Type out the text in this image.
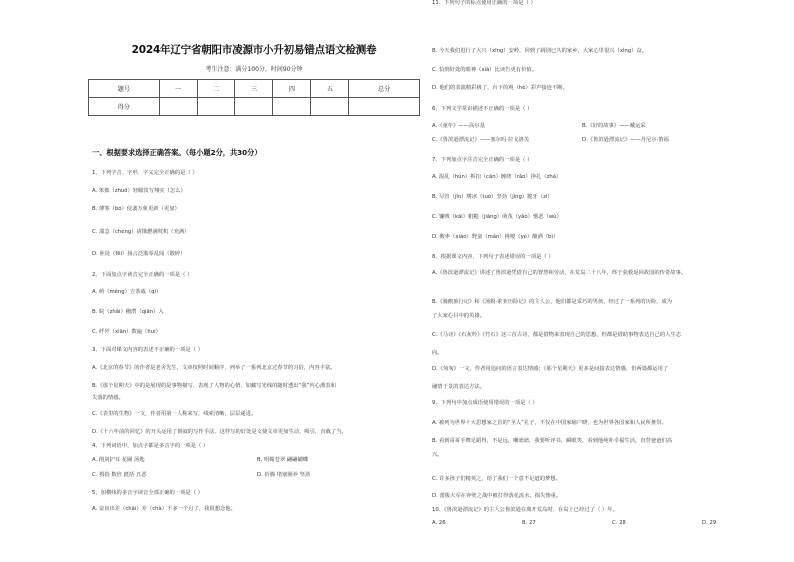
2024年辽宁省朝阳市凌源市小升初易错点语文检测卷
考生注意：满分100分，时间90分钟
题号	一	二	三	四	五	总分
得分						
一、根据要求选择正确答案。（每小题2分，共30分）
1、下列字音、字形、字义完全正确的是（ ）
A. 笨拙（zhuō）轻瞄淡写翔实（怎么）
B. 薄雾（bó）侵袭万象更新（更加）
C. 湍急（chéng）请饿燃满枕机（充满）
D. 匪徒（fěi）扬言泛滥零乱闻（散碎）
2、下面加点字读音完全正确的一项是（ ）
A. 萌（méng）吉茶戚（qì）
B. 皖（zhǎi）栅潜（qiān）入
C. 纤歼（xiān）数遍（hui）
3、下面对课文内容的表述不正确的一项是（ ）
A.《北京的春节》的作者是老舍先生，文章按照时间顺序，列举了一系列北京过春节的习俗，内容丰富。
B.《那个星期天》中的是展现的是事物描写，表现了人物的心情，如藏写光线的随时透出“我”内心淵表和
失落的情感。
C.《表里的生物》一文，作者用第一人称来写，线索清晰，层层递进。
D.《十六年前的回忆》的开头运用了倒叙的写作手法，这样写的好处是文使文章更加生动、吸引，直截了当。
4、下列词语中，加点字都是多音字的一项是（ ）
A. 削剑护耳 花圃 汤匙	B. 明媚苍翠 翩翩蝴蝶
C. 拇指 数倍 挺括 丑恶	D. 折腾 堵塞圈养 坚劲
5、加横线的多音字读音全部正确的一项是（ ）
A. 奋齿出差（chāi）差（chà）不多一个月了，我很想念他。
B. 今天我们进行了大兴（xīng）安岭，回到了阔别已久的家乡，大家心里很兴（xìng）奋。
C. 恰到好处的眼神（xià）比读告更有价值。
D. 他们的表演精彩极了，台下的观（hè）彩声接连不断。
6、下列文学常识描述不正确的一项是（ ）
A.《童年》——高尔基	B.《好的故事》——戴运采
C.《鲁滨逊漂流记》——塞尔吗·拉戈洛芙	D.《鲁滨逊漂流记》——丹尼尔·笛福
7、下列加点字注音完全正确的一项是（ ）
A. 混乱（hún）拆扣（cān）缠绕（rǎo）挣扎（zhá）
B. 尽管（jǐn）嗜冰（tuō）坚劲（jìng）脆牙（zì）
C. 镰贱（kāi）粗糙（jiāng）萌茂（yǎo）惬恶（wù）
D. 酸枣（xiào）野蛮（mán）挑唆（yè）酿酒（bì）
8、根据课文内容，下列句子表述错误的一项是（ ）
A.《鲁滨逊漂流记》讲述了鲁滨逊凭借自己的智慧和劳动，在荒岛二十八年，终于获救返回故国的传奇故事。
B.《骑鹅旅行记》和《汤姆·索亚历险记》的主人公，他们都是乖巧的男孩，经过了一系列的历险，成为
了大家心目中的英雄。
C.《马诗》《石灰吟》《竹石》这三首古诗，都是借物来表现自己的思想，但都是借助事物表达自己的人生志
向。
D.《匆匆》一文，作者用追问的语言表达情感；《那个星期天》更多是间接表达情感，但两篇都运用了
融情于景的表达方法。
9、下列句中加点成语使用错误的一项是（ ）
A. 被列为世界十大思想家之首的“圣人”孔子，不仅在中国家喻户晓，也为世界各国家和人民所推崇。
B. 看到哥哥手舞足蹈得，不是远，嘲谑谑，我要听评书，瞬眼笑，看到他纯朴幸福生活，直替爸爸们高
兴。
C. 许多孩子们精英之，给了我们一个意不足道的梦想。
D. 蕾拨大军在奔壁之战中被打得落花流水，损失惨重。
10、《鲁滨逊漂流记》的主人公鲁滨逊在离开荒岛时，在岛上已经过了（ ）年。
A. 26	B. 27	C. 28	D. 29
11、下列句子的标点使用正确的一项是（ ）
